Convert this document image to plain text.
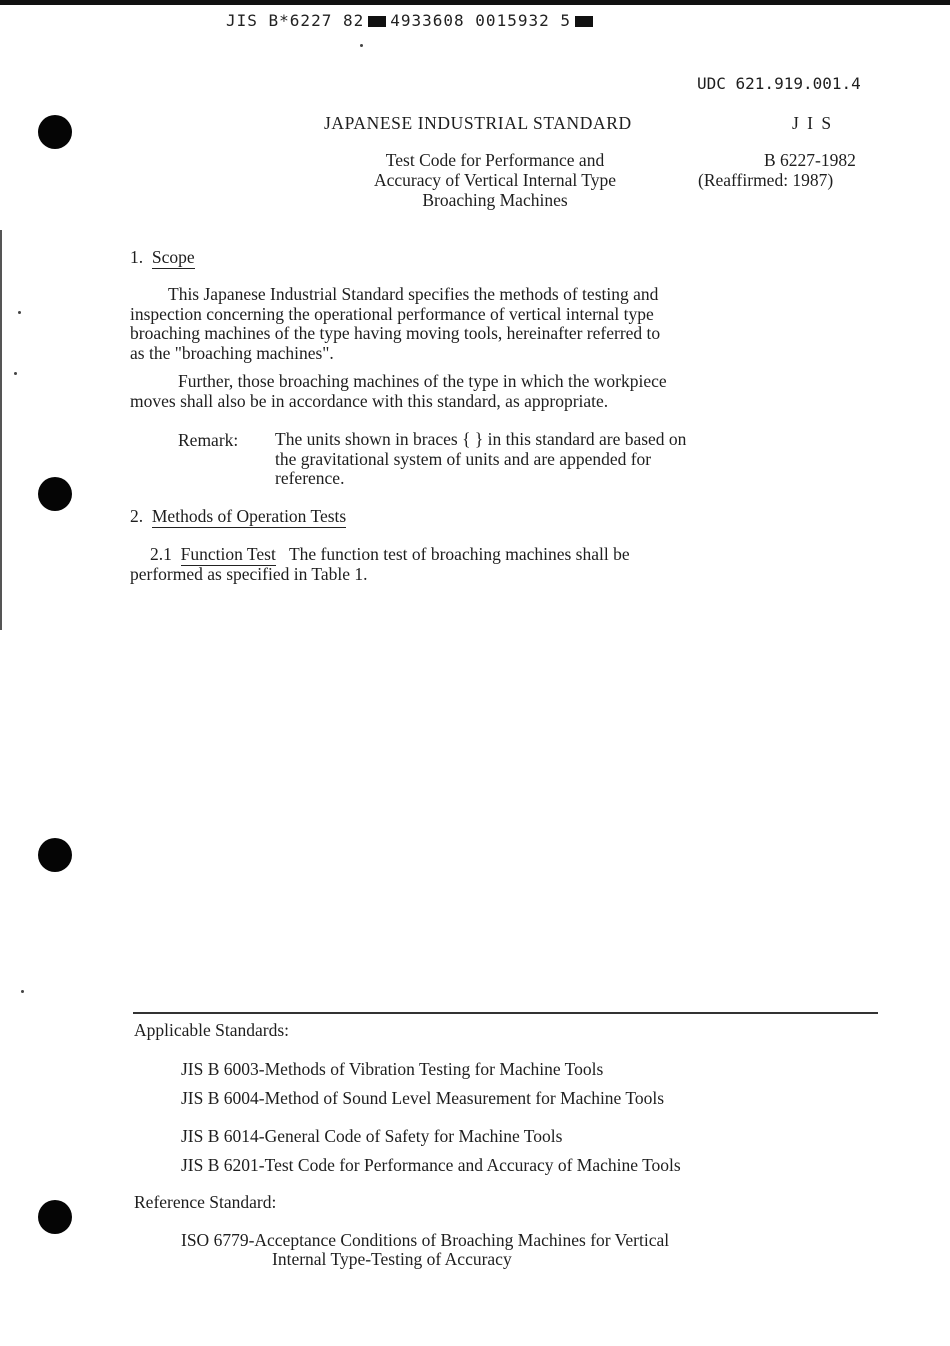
JIS B*6227 82 4933608 0015932 5
UDC 621.919.001.4
JAPANESE INDUSTRIAL STANDARD	J I S
Test Code for Performance and
Accuracy of Vertical Internal Type
Broaching Machines
B 6227-1982
(Reaffirmed: 1987)
1. Scope
This Japanese Industrial Standard specifies the methods of testing and
inspection concerning the operational performance of vertical internal type
broaching machines of the type having moving tools, hereinafter referred to
as the "broaching machines".
Further, those broaching machines of the type in which the workpiece
moves shall also be in accordance with this standard, as appropriate.
Remark: The units shown in braces { } in this standard are based on
the gravitational system of units and are appended for
reference.
2. Methods of Operation Tests
2.1 Function Test The function test of broaching machines shall be
performed as specified in Table 1.
Applicable Standards:
JIS B 6003-Methods of Vibration Testing for Machine Tools
JIS B 6004-Method of Sound Level Measurement for Machine Tools
JIS B 6014-General Code of Safety for Machine Tools
JIS B 6201-Test Code for Performance and Accuracy of Machine Tools
Reference Standard:
ISO 6779-Acceptance Conditions of Broaching Machines for Vertical
Internal Type-Testing of Accuracy
